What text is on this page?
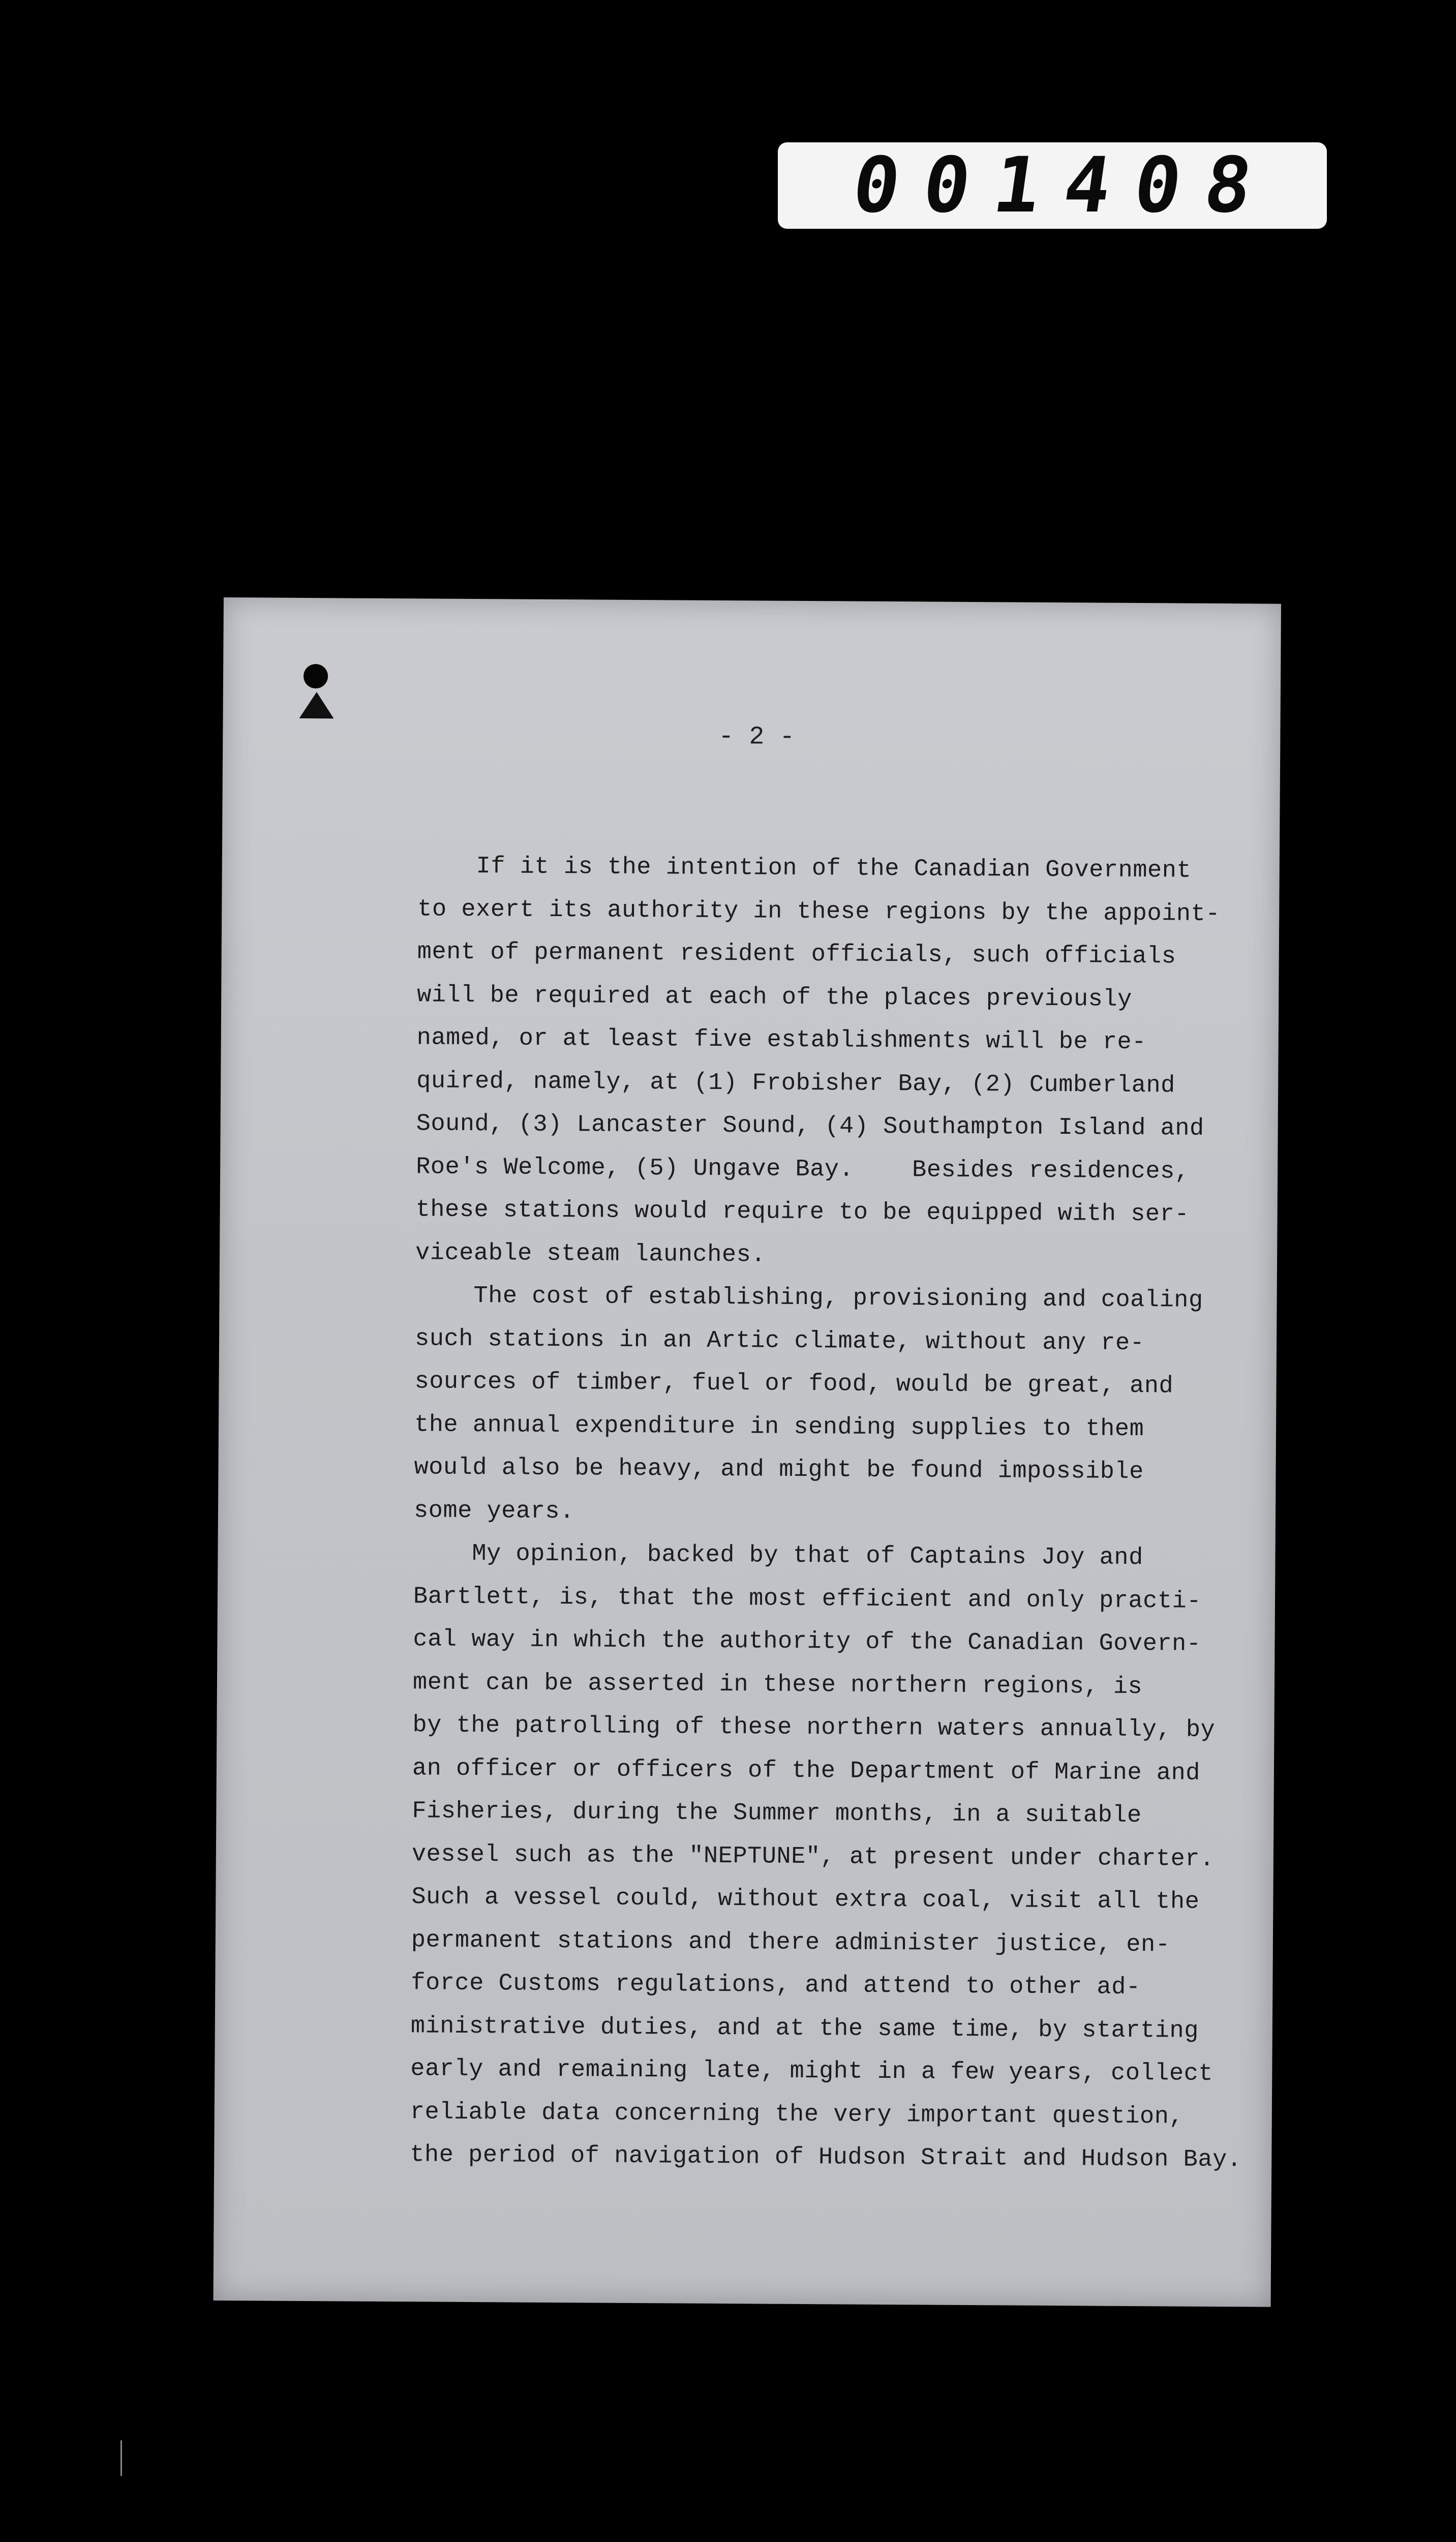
001408
- 2 -
If it is the intention of the Canadian Government
to exert its authority in these regions by the appoint-
ment of permanent resident officials, such officials
will be required at each of the places previously
named, or at least five establishments will be re-
quired, namely, at (1) Frobisher Bay, (2) Cumberland
Sound, (3) Lancaster Sound, (4) Southampton Island and
Roe's Welcome, (5) Ungave Bay.    Besides residences,
these stations would require to be equipped with ser-
viceable steam launches.
The cost of establishing, provisioning and coaling
such stations in an Artic climate, without any re-
sources of timber, fuel or food, would be great, and
the annual expenditure in sending supplies to them
would also be heavy, and might be found impossible
some years.
My opinion, backed by that of Captains Joy and
Bartlett, is, that the most efficient and only practi-
cal way in which the authority of the Canadian Govern-
ment can be asserted in these northern regions, is
by the patrolling of these northern waters annually, by
an officer or officers of the Department of Marine and
Fisheries, during the Summer months, in a suitable
vessel such as the "NEPTUNE", at present under charter.
Such a vessel could, without extra coal, visit all the
permanent stations and there administer justice, en-
force Customs regulations, and attend to other ad-
ministrative duties, and at the same time, by starting
early and remaining late, might in a few years, collect
reliable data concerning the very important question,
the period of navigation of Hudson Strait and Hudson Bay.
